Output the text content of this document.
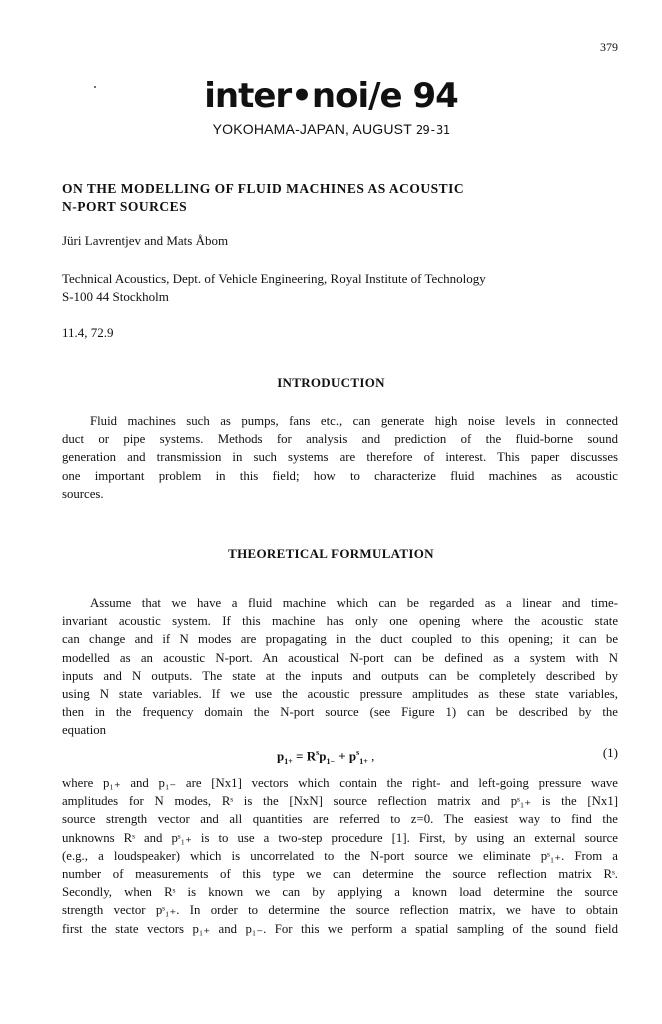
379
inter•noi/e 94
YOKOHAMA-JAPAN, AUGUST 29-31
ON THE MODELLING OF FLUID MACHINES AS ACOUSTIC
N-PORT SOURCES
Jüri Lavrentjev and Mats Åbom
Technical Acoustics, Dept. of Vehicle Engineering, Royal Institute of Technology
S-100 44 Stockholm
11.4, 72.9
INTRODUCTION
Fluid machines such as pumps, fans etc., can generate high noise levels in connected
duct or pipe systems. Methods for analysis and prediction of the fluid-borne sound
generation and transmission in such systems are therefore of interest. This paper discusses
one important problem in this field; how to characterize fluid machines as acoustic
sources.
THEORETICAL FORMULATION
Assume that we have a fluid machine which can be regarded as a linear and time-
invariant acoustic system. If this machine has only one opening where the acoustic state
can change and if N modes are propagating in the duct coupled to this opening; it can be
modelled as an acoustic N-port. An acoustical N-port can be defined as a system with N
inputs and N outputs. The state at the inputs and outputs can be completely described by
using N state variables. If we use the acoustic pressure amplitudes as these state variables,
then in the frequency domain the N-port source (see Figure 1) can be described by the
equation
$p_{1+} = R^sp_{1-} + p^s_{1+}$ ,	(1)
where p₁₊ and p₁₋ are [Nx1] vectors which contain the right- and left-going pressure wave
amplitudes for N modes, Rˢ is the [NxN] source reflection matrix and pˢ₁₊ is the [Nx1]
source strength vector and all quantities are referred to z=0. The easiest way to find the
unknowns Rˢ and pˢ₁₊ is to use a two-step procedure [1]. First, by using an external source
(e.g., a loudspeaker) which is uncorrelated to the N-port source we eliminate pˢ₁₊. From a
number of measurements of this type we can determine the source reflection matrix Rˢ.
Secondly, when Rˢ is known we can by applying a known load determine the source
strength vector pˢ₁₊. In order to determine the source reflection matrix, we have to obtain
first the state vectors p₁₊ and p₁₋. For this we perform a spatial sampling of the sound field
